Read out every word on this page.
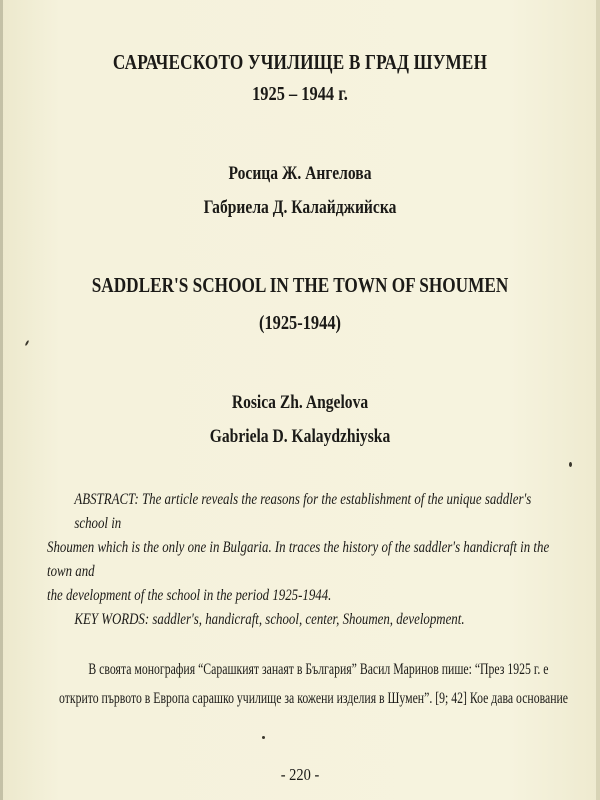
САРАЧЕСКОТО УЧИЛИЩЕ В ГРАД ШУМЕН
1925 – 1944 г.
Росица Ж. Ангелова
Габриела Д. Калайджийска
SADDLER'S SCHOOL IN THE TOWN OF SHOUMEN
(1925-1944)
Rosica Zh. Angelova
Gabriela D. Kalaydzhiyska

ABSTRACT: The article reveals the reasons for the establishment of the unique saddler's school in

Shoumen which is the only one in Bulgaria. In traces the history of the saddler's handicraft in the town and

the development of the school in the period 1925-1944.

KEY WORDS: saddler's, handicraft, school, center, Shoumen, development.

В своята монография “Сарашкият занаят в България” Васил Маринов пише: “През 1925 г. е
открито първото в Европа сарашко училище за кожени изделия в Шумен”. [9; 42] Кое дава основание
- 220 -
